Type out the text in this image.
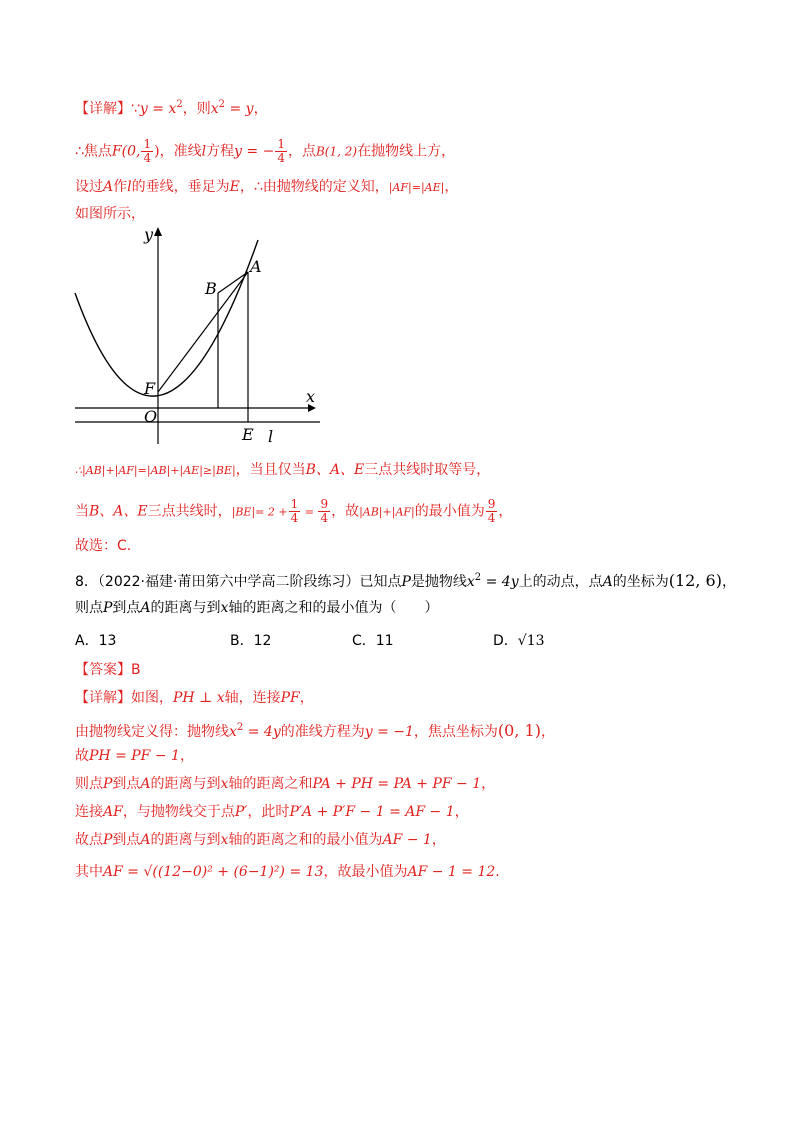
【详解】∵y = $x^2$，则$x^2 = y$，
∴焦点F(0, $\frac{1}{4}$ )，准线l方程y = − $\frac{1}{4}$ ，点B(1, 2)在抛物线上方，
设过A作l的垂线，垂足为E，∴由抛物线的定义知，|AF|=|AE|，
如图所示，
y
x
A
B
F
O
E l
∴|AB|+|AF|=|AB|+|AE|≥|BE|，当且仅当B、A、E三点共线时取等号，
当B、A、E三点共线时，$|BE|= 2 + \frac{1}{4} = \frac{9}{4}$ ，故|AB|+|AF|的最小值为 $\frac{9}{4}$ ，
故选：C.
8．（2022·福建·莆田第六中学高二阶段练习）已知点P是抛物线$x^2 = 4y$上的动点，点A的坐标为(12, 6)，
则点P到点A的距离与到x轴的距离之和的最小值为（　　）
A．13	B．12	C．11	D．√13
【答案】B
【详解】如图，PH ⊥ x轴，连接PF，
由抛物线定义得：抛物线$x^2 = 4y$的准线方程为y = −1，焦点坐标为(0, 1)，
故PH = PF − 1，
则点P到点A的距离与到x轴的距离之和PA + PH = PA + PF − 1，
连接AF，与抛物线交于点P′，此时P′A + P′F − 1 = AF − 1，
故点P到点A的距离与到x轴的距离之和的最小值为AF − 1，
其中AF = √((12−0)² + (6−1)²) = 13，故最小值为AF − 1 = 12.
